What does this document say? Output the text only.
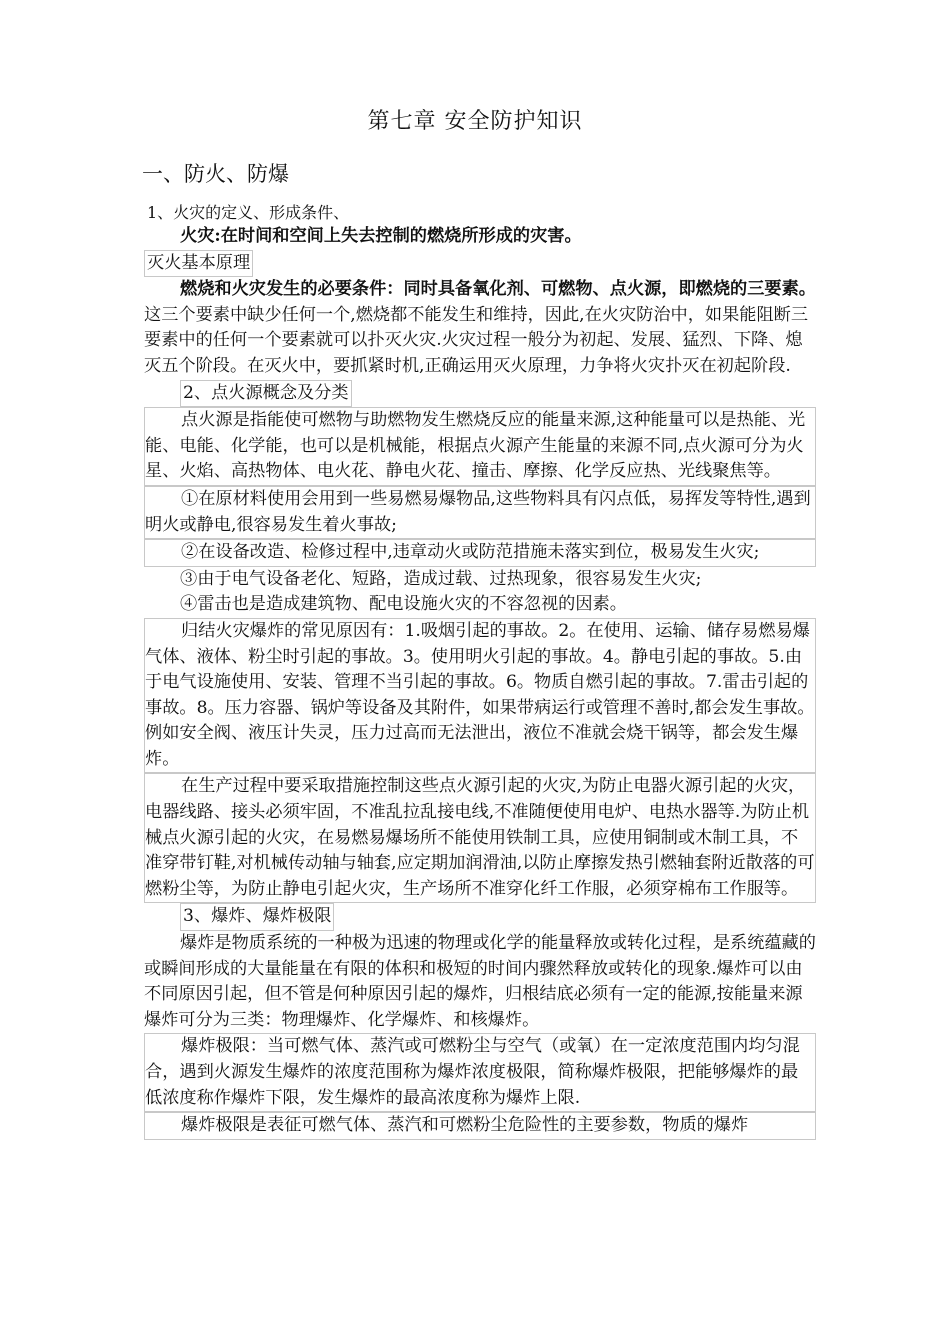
第七章 安全防护知识
一、防火、防爆
1、火灾的定义、形成条件、

火灾:在时间和空间上失去控制的燃烧所形成的灾害。

灭火基本原理

燃烧和火灾发生的必要条件：同时具备氧化剂、可燃物、点火源，即燃烧的三要素。这三个要素中缺少任何一个,燃烧都不能发生和维持，因此,在火灾防治中，如果能阻断三要素中的任何一个要素就可以扑灭火灾.火灾过程一般分为初起、发展、猛烈、下降、熄灭五个阶段。在灭火中，要抓紧时机,正确运用灭火原理，力争将火灾扑灭在初起阶段.

2、点火源概念及分类

点火源是指能使可燃物与助燃物发生燃烧反应的能量来源,这种能量可以是热能、光能、电能、化学能，也可以是机械能，根据点火源产生能量的来源不同,点火源可分为火星、火焰、高热物体、电火花、静电火花、撞击、摩擦、化学反应热、光线聚焦等。

①在原材料使用会用到一些易燃易爆物品,这些物料具有闪点低，易挥发等特性,遇到明火或静电,很容易发生着火事故;

②在设备改造、检修过程中,违章动火或防范措施未落实到位，极易发生火灾;

③由于电气设备老化、短路，造成过载、过热现象，很容易发生火灾;

④雷击也是造成建筑物、配电设施火灾的不容忽视的因素。

归结火灾爆炸的常见原因有：1.吸烟引起的事故。2。在使用、运输、储存易燃易爆气体、液体、粉尘时引起的事故。3。使用明火引起的事故。4。静电引起的事故。5.由于电气设施使用、安装、管理不当引起的事故。6。物质自燃引起的事故。7.雷击引起的事故。8。压力容器、锅炉等设备及其附件，如果带病运行或管理不善时,都会发生事故。例如安全阀、液压计失灵，压力过高而无法泄出，液位不准就会烧干锅等，都会发生爆炸。

在生产过程中要采取措施控制这些点火源引起的火灾,为防止电器火源引起的火灾，电器线路、接头必须牢固，不准乱拉乱接电线,不准随便使用电炉、电热水器等.为防止机械点火源引起的火灾，在易燃易爆场所不能使用铁制工具，应使用铜制或木制工具，不准穿带钉鞋,对机械传动轴与轴套,应定期加润滑油,以防止摩擦发热引燃轴套附近散落的可燃粉尘等，为防止静电引起火灾，生产场所不准穿化纤工作服，必须穿棉布工作服等。

3、爆炸、爆炸极限

爆炸是物质系统的一种极为迅速的物理或化学的能量释放或转化过程，是系统蕴藏的或瞬间形成的大量能量在有限的体积和极短的时间内骤然释放或转化的现象.爆炸可以由不同原因引起，但不管是何种原因引起的爆炸，归根结底必须有一定的能源,按能量来源爆炸可分为三类：物理爆炸、化学爆炸、和核爆炸。

爆炸极限：当可燃气体、蒸汽或可燃粉尘与空气（或氧）在一定浓度范围内均匀混合，遇到火源发生爆炸的浓度范围称为爆炸浓度极限，简称爆炸极限，把能够爆炸的最低浓度称作爆炸下限，发生爆炸的最高浓度称为爆炸上限.

爆炸极限是表征可燃气体、蒸汽和可燃粉尘危险性的主要参数，物质的爆炸
